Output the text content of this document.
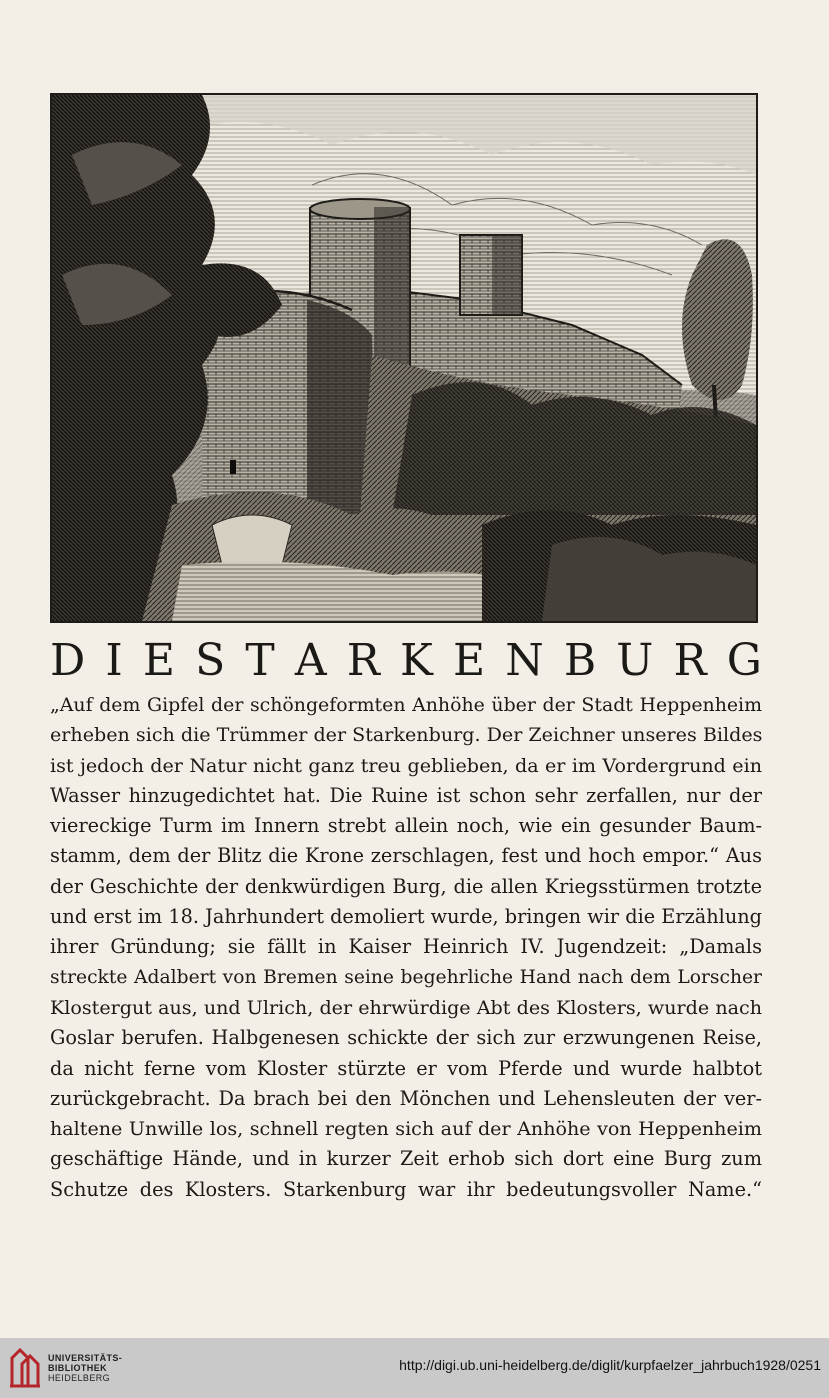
D I E S T A R K E N B U R G
„Auf dem Gipfel der schöngeformten Anhöhe über der Stadt Heppenheim
erheben sich die Trümmer der Starkenburg. Der Zeichner unseres Bildes
ist jedoch der Natur nicht ganz treu geblieben, da er im Vordergrund ein
Wasser hinzugedichtet hat. Die Ruine ist schon sehr zerfallen, nur der
viereckige Turm im Innern strebt allein noch, wie ein gesunder Baum-
stamm, dem der Blitz die Krone zerschlagen, fest und hoch empor.“ Aus
der Geschichte der denkwürdigen Burg, die allen Kriegsstürmen trotzte
und erst im 18. Jahrhundert demoliert wurde, bringen wir die Erzählung
ihrer Gründung; sie fällt in Kaiser Heinrich IV. Jugendzeit: „Damals
streckte Adalbert von Bremen seine begehrliche Hand nach dem Lorscher
Klostergut aus, und Ulrich, der ehrwürdige Abt des Klosters, wurde nach
Goslar berufen. Halbgenesen schickte der sich zur erzwungenen Reise,
da nicht ferne vom Kloster stürzte er vom Pferde und wurde halbtot
zurückgebracht. Da brach bei den Mönchen und Lehensleuten der ver-
haltene Unwille los, schnell regten sich auf der Anhöhe von Heppenheim
geschäftige Hände, und in kurzer Zeit erhob sich dort eine Burg zum
Schutze des Klosters. Starkenburg war ihr bedeutungsvoller Name.“
UNIVERSITÄTS-
BIBLIOTHEK
HEIDELBERG
http://digi.ub.uni-heidelberg.de/diglit/kurpfaelzer_jahrbuch1928/0251
